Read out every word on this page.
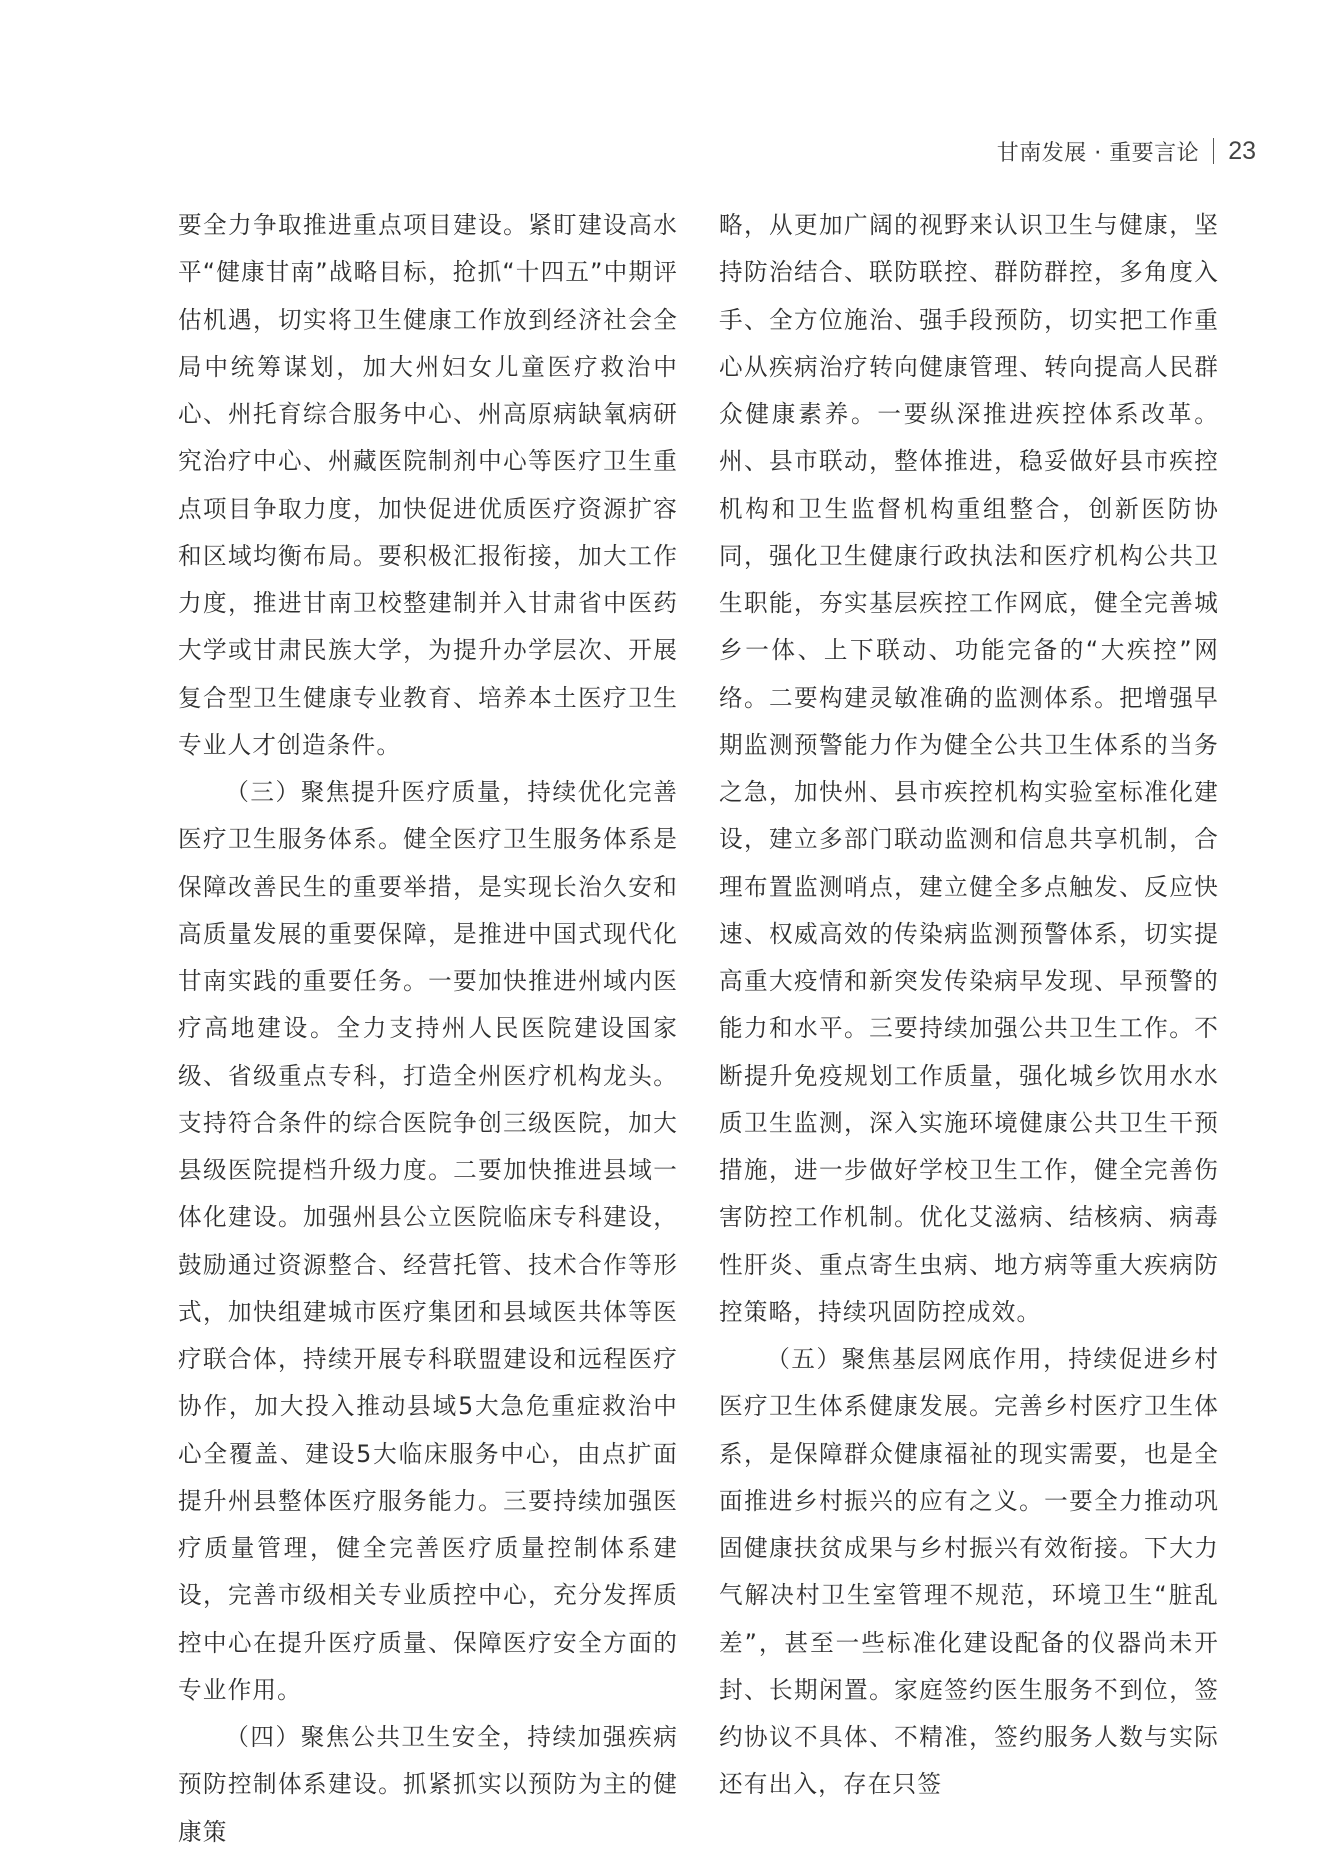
甘南发展 · 重要言论 23

要全力争取推进重点项目建设。紧盯建设高水平“健康甘南”战略目标，抢抓“十四五”中期评估机遇，切实将卫生健康工作放到经济社会全局中统筹谋划，加大州妇女儿童医疗救治中心、州托育综合服务中心、州高原病缺氧病研究治疗中心、州藏医院制剂中心等医疗卫生重点项目争取力度，加快促进优质医疗资源扩容和区域均衡布局。要积极汇报衔接，加大工作力度，推进甘南卫校整建制并入甘肃省中医药大学或甘肃民族大学，为提升办学层次、开展复合型卫生健康专业教育、培养本土医疗卫生专业人才创造条件。

（三）聚焦提升医疗质量，持续优化完善医疗卫生服务体系。健全医疗卫生服务体系是保障改善民生的重要举措，是实现长治久安和高质量发展的重要保障，是推进中国式现代化甘南实践的重要任务。一要加快推进州域内医疗高地建设。全力支持州人民医院建设国家级、省级重点专科，打造全州医疗机构龙头。支持符合条件的综合医院争创三级医院，加大县级医院提档升级力度。二要加快推进县域一体化建设。加强州县公立医院临床专科建设，鼓励通过资源整合、经营托管、技术合作等形式，加快组建城市医疗集团和县域医共体等医疗联合体，持续开展专科联盟建设和远程医疗协作，加大投入推动县域5大急危重症救治中心全覆盖、建设5大临床服务中心，由点扩面提升州县整体医疗服务能力。三要持续加强医疗质量管理，健全完善医疗质量控制体系建设，完善市级相关专业质控中心，充分发挥质控中心在提升医疗质量、保障医疗安全方面的专业作用。

（四）聚焦公共卫生安全，持续加强疾病预防控制体系建设。抓紧抓实以预防为主的健康策

略，从更加广阔的视野来认识卫生与健康，坚持防治结合、联防联控、群防群控，多角度入手、全方位施治、强手段预防，切实把工作重心从疾病治疗转向健康管理、转向提高人民群众健康素养。一要纵深推进疾控体系改革。州、县市联动，整体推进，稳妥做好县市疾控机构和卫生监督机构重组整合，创新医防协同，强化卫生健康行政执法和医疗机构公共卫生职能，夯实基层疾控工作网底，健全完善城乡一体、上下联动、功能完备的“大疾控”网络。二要构建灵敏准确的监测体系。把增强早期监测预警能力作为健全公共卫生体系的当务之急，加快州、县市疾控机构实验室标准化建设，建立多部门联动监测和信息共享机制，合理布置监测哨点，建立健全多点触发、反应快速、权威高效的传染病监测预警体系，切实提高重大疫情和新突发传染病早发现、早预警的能力和水平。三要持续加强公共卫生工作。不断提升免疫规划工作质量，强化城乡饮用水水质卫生监测，深入实施环境健康公共卫生干预措施，进一步做好学校卫生工作，健全完善伤害防控工作机制。优化艾滋病、结核病、病毒性肝炎、重点寄生虫病、地方病等重大疾病防控策略，持续巩固防控成效。

（五）聚焦基层网底作用，持续促进乡村医疗卫生体系健康发展。完善乡村医疗卫生体系，是保障群众健康福祉的现实需要，也是全面推进乡村振兴的应有之义。一要全力推动巩固健康扶贫成果与乡村振兴有效衔接。下大力气解决村卫生室管理不规范，环境卫生“脏乱差”，甚至一些标准化建设配备的仪器尚未开封、长期闲置。家庭签约医生服务不到位，签约协议不具体、不精准，签约服务人数与实际还有出入，存在只签
